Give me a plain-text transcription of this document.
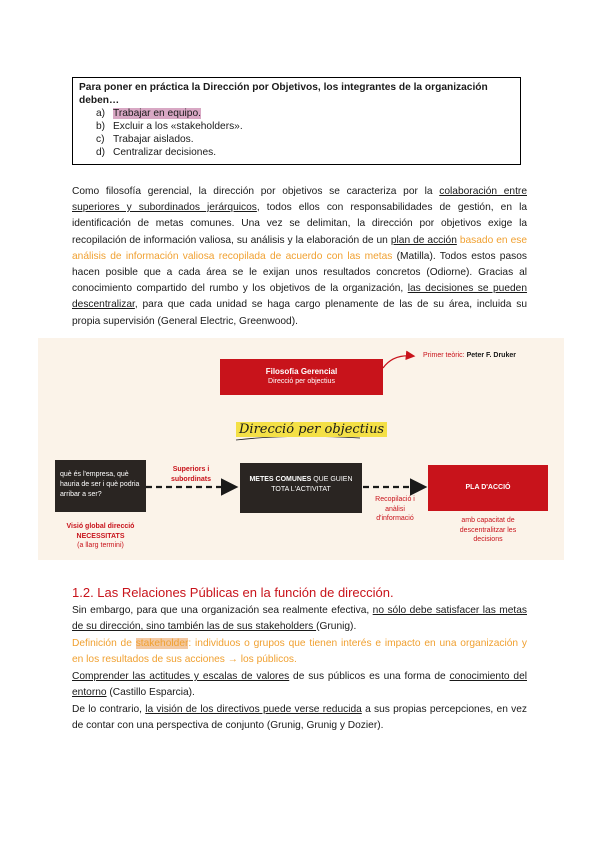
Para poner en práctica la Dirección por Objetivos, los integrantes de la organización deben…
a) Trabajar en equipo.
b) Excluir a los «stakeholders».
c) Trabajar aislados.
d) Centralizar decisiones.
Como filosofía gerencial, la dirección por objetivos se caracteriza por la colaboración entre superiores y subordinados jerárquicos, todos ellos con responsabilidades de gestión, en la identificación de metas comunes. Una vez se delimitan, la dirección por objetivos exige la recopilación de información valiosa, su análisis y la elaboración de un plan de acción basado en ese análisis de información valiosa recopilada de acuerdo con las metas (Matilla). Todos estos pasos hacen posible que a cada área se le exijan unos resultados concretos (Odiorne). Gracias al conocimiento compartido del rumbo y los objetivos de la organización, las decisiones se pueden descentralizar, para que cada unidad se haga cargo plenamente de las de su área, incluida su propia supervisión (General Electric, Greenwood).
Filosofia Gerencial
Direcció per objectius
Primer teòric: Peter F. Druker
Direcció per objectius
què és l'empresa, què hauria de ser i què podria arribar a ser?
Visió global direcció
NECESSITATS
(a llarg termini)
Superiors i
subordinats	METES COMUNES QUE GUIEN TOTA L'ACTIVITAT
Recopilació i
anàlisi
d'informació
PLA D'ACCIÓ
amb capacitat de
descentralitzar les
decisions
1.2. Las Relaciones Públicas en la función de dirección.
Sin embargo, para que una organización sea realmente efectiva, no sólo debe satisfacer las metas de su dirección, sino también las de sus stakeholders (Grunig).
Definición de stakeholder: individuos o grupos que tienen interés e impacto en una organización y en los resultados de sus acciones → los públicos.
Comprender las actitudes y escalas de valores de sus públicos es una forma de conocimiento del entorno (Castillo Esparcia).
De lo contrario, la visión de los directivos puede verse reducida a sus propias percepciones, en vez de contar con una perspectiva de conjunto (Grunig, Grunig y Dozier).
